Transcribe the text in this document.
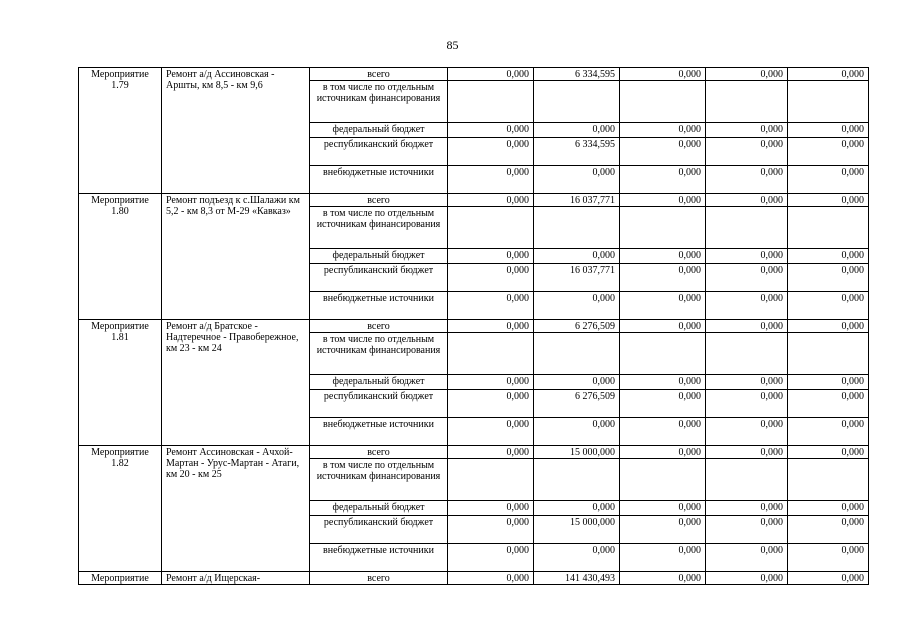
85
Мероприятие 1.79	Ремонт а/д Ассиновская - Аршты, км 8,5 - км 9,6	всего	0,000	6 334,595	0,000	0,000	0,000
		в том числе по отдельным источникам финансирования					
		федеральный бюджет	0,000	0,000	0,000	0,000	0,000
		республиканский бюджет	0,000	6 334,595	0,000	0,000	0,000
		внебюджетные источники	0,000	0,000	0,000	0,000	0,000
Мероприятие 1.80	Ремонт подъезд к с.Шалажи км 5,2 - км 8,3 от М-29 «Кавказ»	всего	0,000	16 037,771	0,000	0,000	0,000
		в том числе по отдельным источникам финансирования					
		федеральный бюджет	0,000	0,000	0,000	0,000	0,000
		республиканский бюджет	0,000	16 037,771	0,000	0,000	0,000
		внебюджетные источники	0,000	0,000	0,000	0,000	0,000
Мероприятие 1.81	Ремонт а/д Братское - Надтеречное - Правобережное, км 23 - км 24	всего	0,000	6 276,509	0,000	0,000	0,000
		в том числе по отдельным источникам финансирования					
		федеральный бюджет	0,000	0,000	0,000	0,000	0,000
		республиканский бюджет	0,000	6 276,509	0,000	0,000	0,000
		внебюджетные источники	0,000	0,000	0,000	0,000	0,000
Мероприятие 1.82	Ремонт Ассиновская - Ачхой-Мартан - Урус-Мартан - Атаги, км 20 - км 25	всего	0,000	15 000,000	0,000	0,000	0,000
		в том числе по отдельным источникам финансирования					
		федеральный бюджет	0,000	0,000	0,000	0,000	0,000
		республиканский бюджет	0,000	15 000,000	0,000	0,000	0,000
		внебюджетные источники	0,000	0,000	0,000	0,000	0,000
Мероприятие	Ремонт а/д Ищерская-	всего	0,000	141 430,493	0,000	0,000	0,000
